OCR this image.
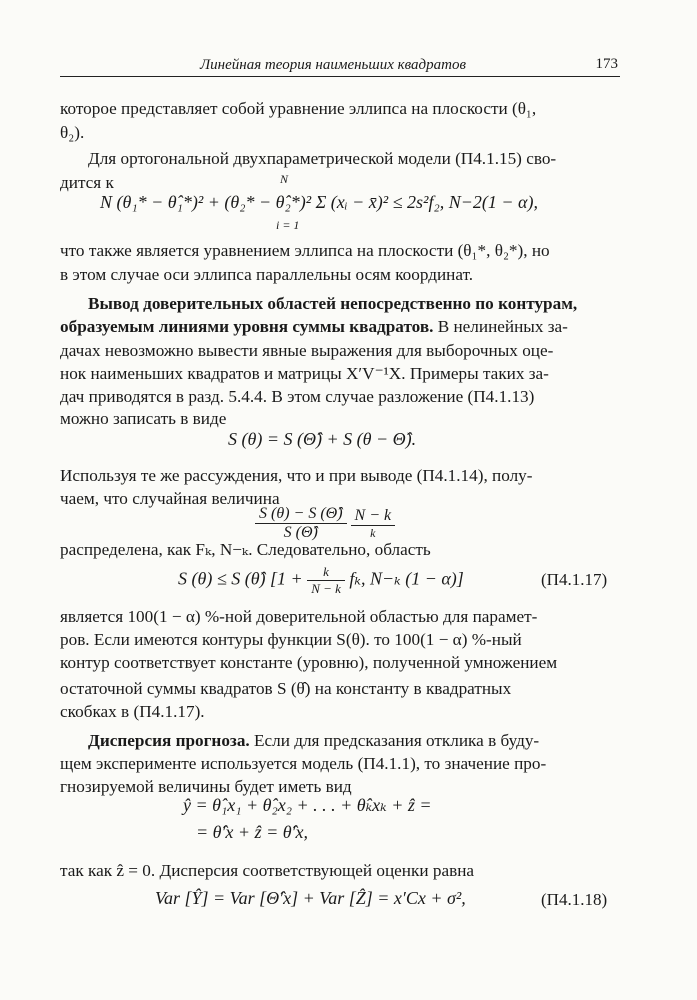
Линейная теория наименьших квадратов	173
которое представляет собой уравнение эллипса на плоскости (θ₁,
θ₂).
Для ортогональной двухпараметрической модели (П4.1.15) сво-
дится к	N
N (θ₁* − θ̂₁*)² + (θ₂* − θ̂₂*)² Σ (xᵢ − x̄)² ≤ 2s²f₂, N−2(1 − α),
i = 1
что также является уравнением эллипса на плоскости (θ₁*, θ₂*), но
в этом случае оси эллипса параллельны осям координат.
Вывод доверительных областей непосредственно по контурам,
образуемым линиями уровня суммы квадратов. В нелинейных за-
дачах невозможно вывести явные выражения для выборочных оце-
нок наименьших квадратов и матрицы X′V⁻¹X. Примеры таких за-
дач приводятся в разд. 5.4.4. В этом случае разложение (П4.1.13)
можно записать в виде
S (θ) = S (Θ̂) + S (θ − Θ̂).
Используя те же рассуждения, что и при выводе (П4.1.14), полу-
чаем, что случайная величина
$\frac{S (\theta) - S (\Thetâ)}{S (\Thetâ)}$
$\frac{N - k}{k}$
распределена, как Fₖ, N−ₖ. Следовательно, область
S (θ) ≤ S (θ̂) [$1 + \frac{k}{N - k} f_k$, N−ₖ (1 − α)]	(П4.1.17)
является 100(1 − α) %-ной доверительной областью для парамет-
ров. Если имеются контуры функции S(θ). то 100(1 − α) %-ный
контур соответствует константе (уровню), полученной умножением
остаточной суммы квадратов S (θ̂) на константу в квадратных
скобках в (П4.1.17).
Дисперсия прогноза. Если для предсказания отклика в буду-
щем эксперименте используется модель (П4.1.1), то значение про-
гнозируемой величины будет иметь вид
ŷ = θ̂₁x₁ + θ̂₂x₂ + . . . + θ̂ₖxₖ + ẑ =
= θ̂′x + ẑ = θ̂′x,
так как ẑ = 0. Дисперсия соответствующей оценки равна
Var [Ŷ] = Var [Θ̂′x] + Var [Ẑ] = x′Cx + σ²,	(П4.1.18)
